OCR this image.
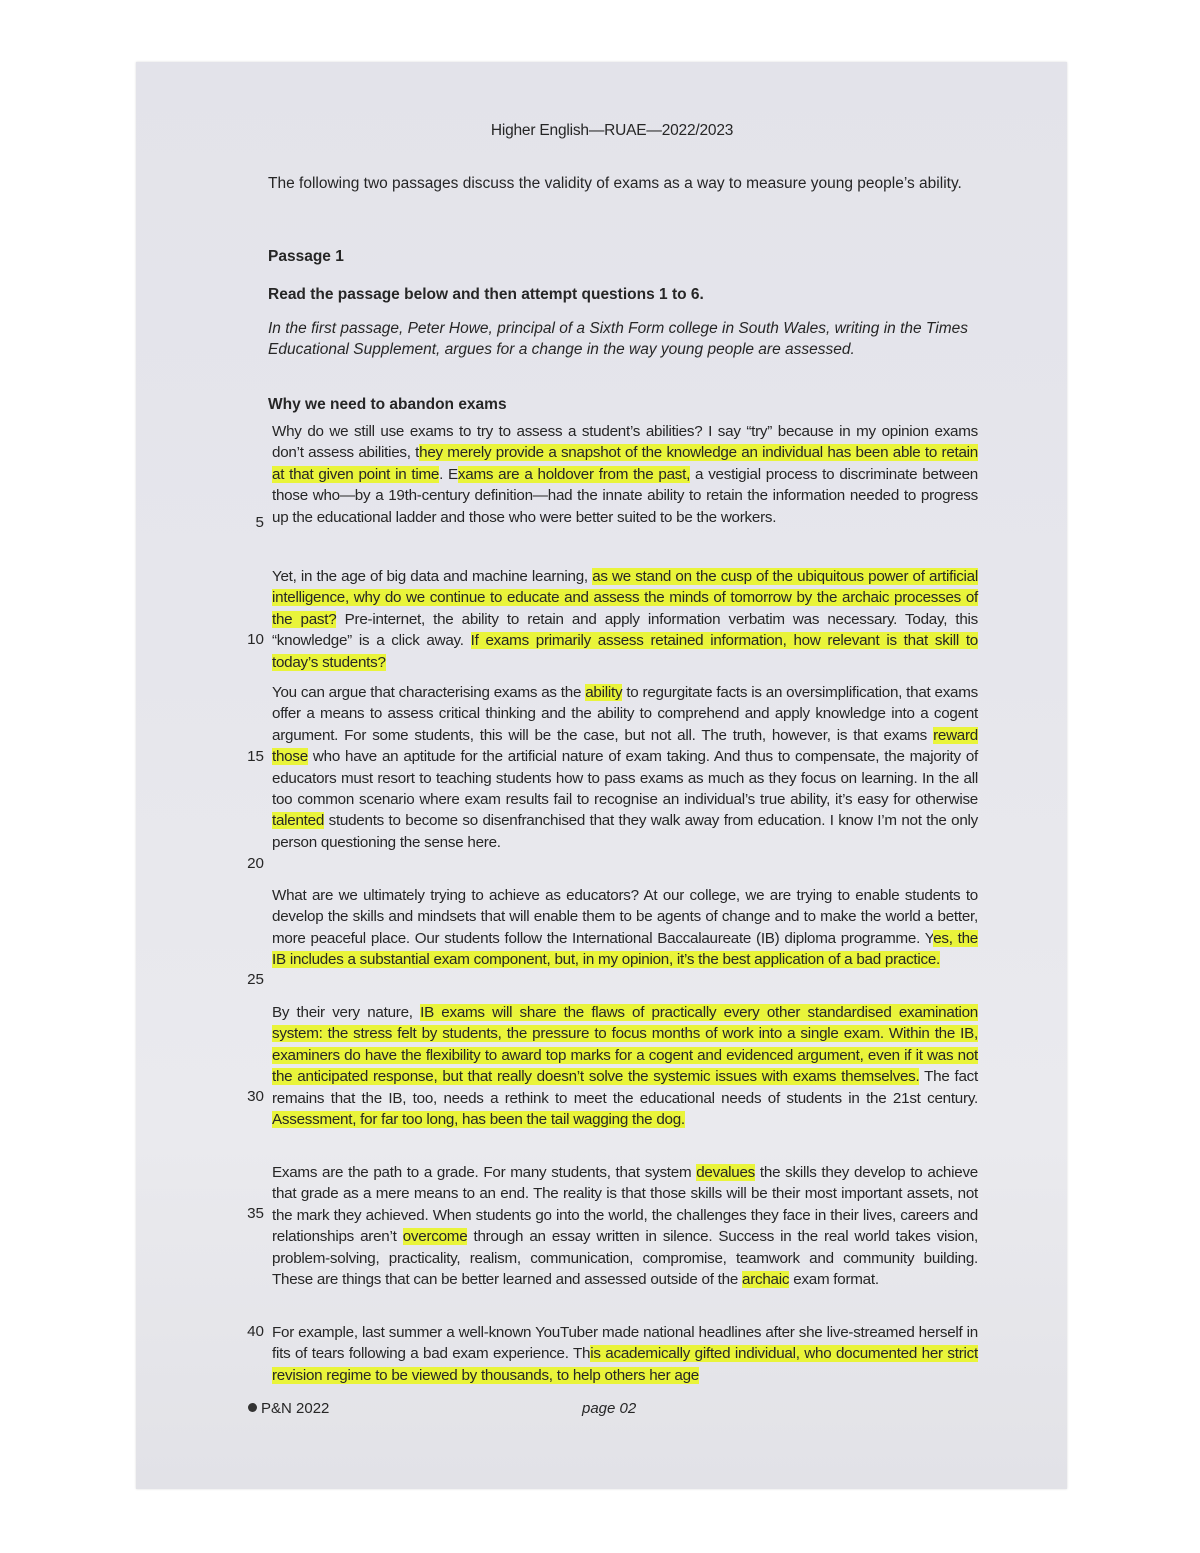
Higher English—RUAE—2022/2023
The following two passages discuss the validity of exams as a way to measure young people’s ability.
Passage 1
Read the passage below and then attempt questions 1 to 6.
In the first passage, Peter Howe, principal of a Sixth Form college in South Wales, writing in the Times Educational Supplement, argues for a change in the way young people are assessed.
Why we need to abandon exams

Why do we still use exams to try to assess a student’s abilities? I say “try” because in my opinion exams don’t assess abilities, they merely provide a snapshot of the knowledge an individual has been able to retain at that given point in time. Exams are a holdover from the past, a vestigial process to discriminate between those who—by a 19th-century definition—had the innate ability to retain the information needed to progress up the educational ladder and those who were better suited to be the workers.

Yet, in the age of big data and machine learning, as we stand on the cusp of the ubiquitous power of artificial intelligence, why do we continue to educate and assess the minds of tomorrow by the archaic processes of the past? Pre-internet, the ability to retain and apply information verbatim was necessary. Today, this “knowledge” is a click away. If exams primarily assess retained information, how relevant is that skill to today’s students?

You can argue that characterising exams as the ability to regurgitate facts is an oversimplification, that exams offer a means to assess critical thinking and the ability to comprehend and apply knowledge into a cogent argument. For some students, this will be the case, but not all. The truth, however, is that exams reward those who have an aptitude for the artificial nature of exam taking. And thus to compensate, the majority of educators must resort to teaching students how to pass exams as much as they focus on learning. In the all too common scenario where exam results fail to recognise an individual’s true ability, it’s easy for otherwise talented students to become so disenfranchised that they walk away from education. I know I’m not the only person questioning the sense here.

What are we ultimately trying to achieve as educators? At our college, we are trying to enable students to develop the skills and mindsets that will enable them to be agents of change and to make the world a better, more peaceful place. Our students follow the International Baccalaureate (IB) diploma programme. Yes, the IB includes a substantial exam component, but, in my opinion, it’s the best application of a bad practice.

By their very nature, IB exams will share the flaws of practically every other standardised examination system: the stress felt by students, the pressure to focus months of work into a single exam. Within the IB, examiners do have the flexibility to award top marks for a cogent and evidenced argument, even if it was not the anticipated response, but that really doesn’t solve the systemic issues with exams themselves. The fact remains that the IB, too, needs a rethink to meet the educational needs of students in the 21st century. Assessment, for far too long, has been the tail wagging the dog.

Exams are the path to a grade. For many students, that system devalues the skills they develop to achieve that grade as a mere means to an end. The reality is that those skills will be their most important assets, not the mark they achieved. When students go into the world, the challenges they face in their lives, careers and relationships aren’t overcome through an essay written in silence. Success in the real world takes vision, problem-solving, practicality, realism, communication, compromise, teamwork and community building. These are things that can be better learned and assessed outside of the archaic exam format.

For example, last summer a well-known YouTuber made national headlines after she live-streamed herself in fits of tears following a bad exam experience. This academically gifted individual, who documented her strict revision regime to be viewed by thousands, to help others her age

5
10
15
20
25
30
35
40
P&N 2022	page 02
